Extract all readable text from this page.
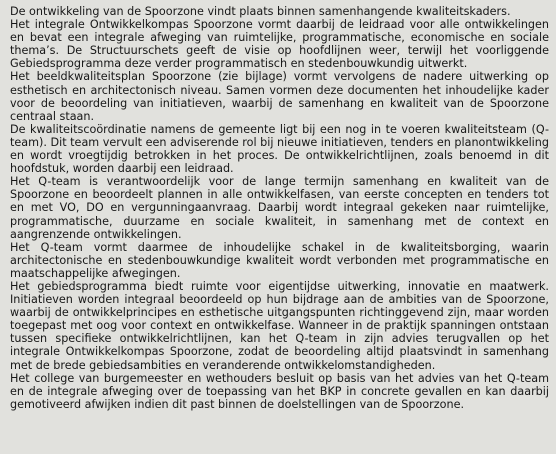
De ontwikkeling van de Spoorzone vindt plaats binnen samenhangende kwaliteitskaders.

Het integrale Ontwikkelkompas Spoorzone vormt daarbij de leidraad voor alle ontwikkelingen en bevat een integrale afweging van ruimtelijke, programmatische, economische en sociale thema’s. De Structuurschets geeft de visie op hoofdlijnen weer, terwijl het voorliggende Gebiedsprogramma deze verder programmatisch en stedenbouwkundig uitwerkt.

Het beeldkwaliteitsplan Spoorzone (zie bijlage) vormt vervolgens de nadere uitwerking op esthetisch en architectonisch niveau. Samen vormen deze documenten het inhoudelijke kader voor de beoordeling van initiatieven, waarbij de samenhang en kwaliteit van de Spoorzone centraal staan.

De kwaliteitscoördinatie namens de gemeente ligt bij een nog in te voeren kwaliteitsteam (Q-team). Dit team vervult een adviserende rol bij nieuwe initiatieven, tenders en planontwikkeling en wordt vroegtijdig betrokken in het proces. De ontwikkelrichtlijnen, zoals benoemd in dit hoofdstuk, worden daarbij een leidraad.

Het Q-team is verantwoordelijk voor de lange termijn samenhang en kwaliteit van de Spoorzone en beoordeelt plannen in alle ontwikkelfasen, van eerste concepten en tenders tot en met VO, DO en vergunningaanvraag. Daarbij wordt integraal gekeken naar ruimtelijke, programmatische, duurzame en sociale kwaliteit, in samenhang met de context en aangrenzende ontwikkelingen.

Het Q-team vormt daarmee de inhoudelijke schakel in de kwaliteitsborging, waarin architectonische en stedenbouwkundige kwaliteit wordt verbonden met programmatische en maatschappelijke afwegingen.

Het gebiedsprogramma biedt ruimte voor eigentijdse uitwerking, innovatie en maatwerk. Initiatieven worden integraal beoordeeld op hun bijdrage aan de ambities van de Spoorzone, waarbij de ontwikkelprincipes en esthetische uitgangspunten richtinggevend zijn, maar worden toegepast met oog voor context en ontwikkelfase. Wanneer in de praktijk spanningen ontstaan tussen specifieke ontwikkelrichtlijnen, kan het Q-team in zijn advies terugvallen op het integrale Ontwikkelkompas Spoorzone, zodat de beoordeling altijd plaatsvindt in samenhang met de brede gebiedsambities en veranderende ontwikkelomstandigheden.

Het college van burgemeester en wethouders besluit op basis van het advies van het Q-team en de integrale afweging over de toepassing van het BKP in concrete gevallen en kan daarbij gemotiveerd afwijken indien dit past binnen de doelstellingen van de Spoorzone.
